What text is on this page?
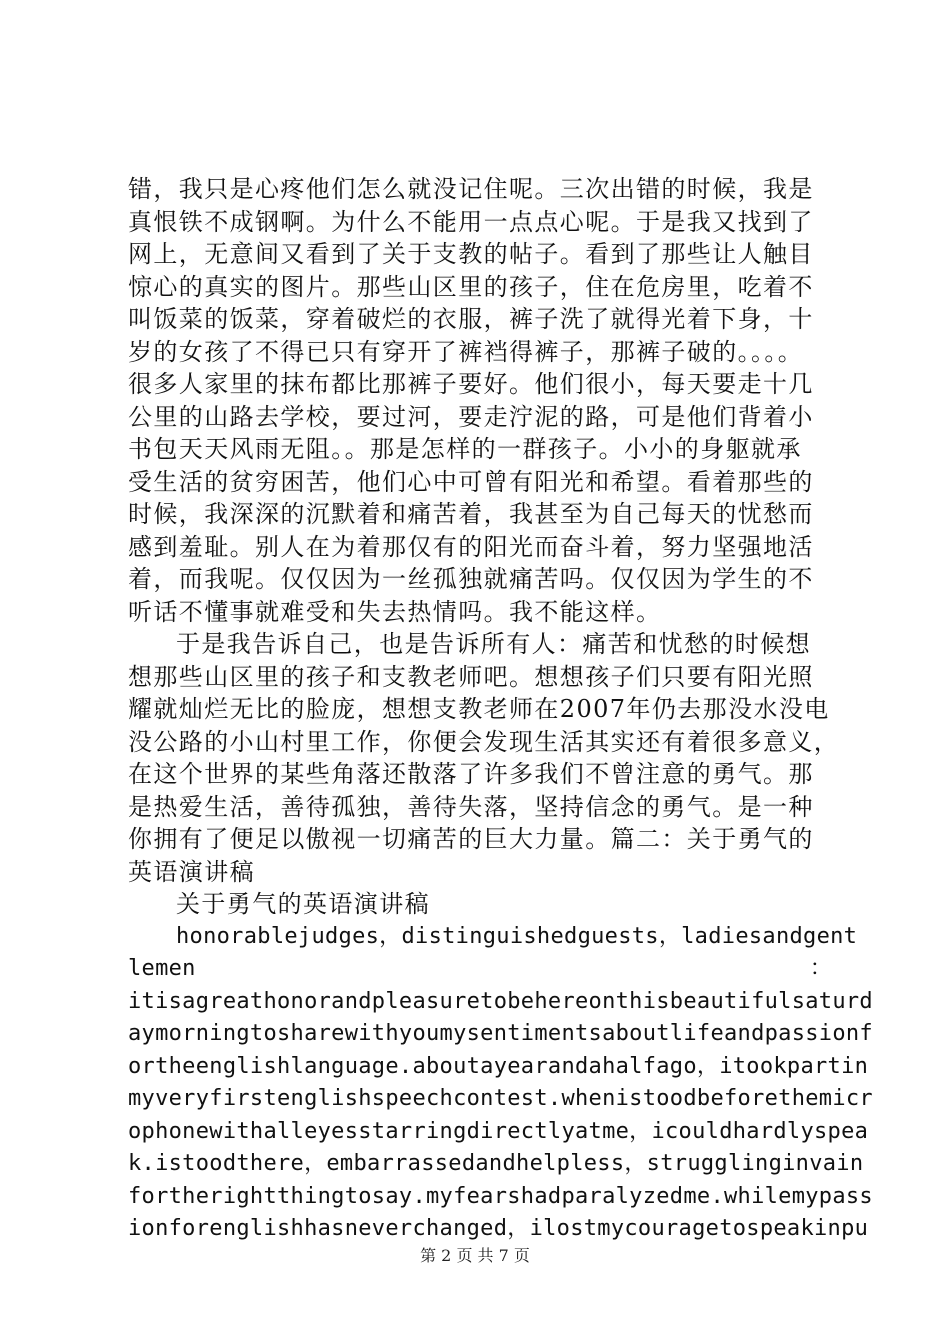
错，我只是心疼他们怎么就没记住呢。三次出错的时候，我是
真恨铁不成钢啊。为什么不能用一点点心呢。于是我又找到了
网上，无意间又看到了关于支教的帖子。看到了那些让人触目
惊心的真实的图片。那些山区里的孩子，住在危房里，吃着不
叫饭菜的饭菜，穿着破烂的衣服，裤子洗了就得光着下身，十
岁的女孩了不得已只有穿开了裤裆得裤子，那裤子破的。。。。
很多人家里的抹布都比那裤子要好。他们很小，每天要走十几
公里的山路去学校，要过河，要走泞泥的路，可是他们背着小
书包天天风雨无阻。。那是怎样的一群孩子。小小的身躯就承
受生活的贫穷困苦，他们心中可曾有阳光和希望。看着那些的
时候，我深深的沉默着和痛苦着，我甚至为自己每天的忧愁而
感到羞耻。别人在为着那仅有的阳光而奋斗着，努力坚强地活
着，而我呢。仅仅因为一丝孤独就痛苦吗。仅仅因为学生的不
听话不懂事就难受和失去热情吗。我不能这样。
于是我告诉自己，也是告诉所有人：痛苦和忧愁的时候想
想那些山区里的孩子和支教老师吧。想想孩子们只要有阳光照
耀就灿烂无比的脸庞，想想支教老师在2007年仍去那没水没电
没公路的小山村里工作，你便会发现生活其实还有着很多意义，
在这个世界的某些角落还散落了许多我们不曾注意的勇气。那
是热爱生活，善待孤独，善待失落，坚持信念的勇气。是一种
你拥有了便足以傲视一切痛苦的巨大力量。篇二：关于勇气的
英语演讲稿
关于勇气的英语演讲稿
honorablejudges，distinguishedguests，ladiesandgent
lemen	：
itisagreathonorandpleasuretobehereonthisbeautifulsaturd
aymorningtosharewithyoumysentimentsaboutlifeandpassionf
ortheenglishlanguage.aboutayearandahalfago，itookpartin
myveryfirstenglishspeechcontest.whenistoodbeforethemicr
ophonewithalleyesstarringdirectlyatme，icouldhardlyspea
k.istoodthere，embarrassedandhelpless，strugglinginvain
fortherightthingtosay.myfearshadparalyzedme.whilemypass
ionforenglishhasneverchanged，ilostmycouragetospeakinpu
第 2 页 共 7 页
